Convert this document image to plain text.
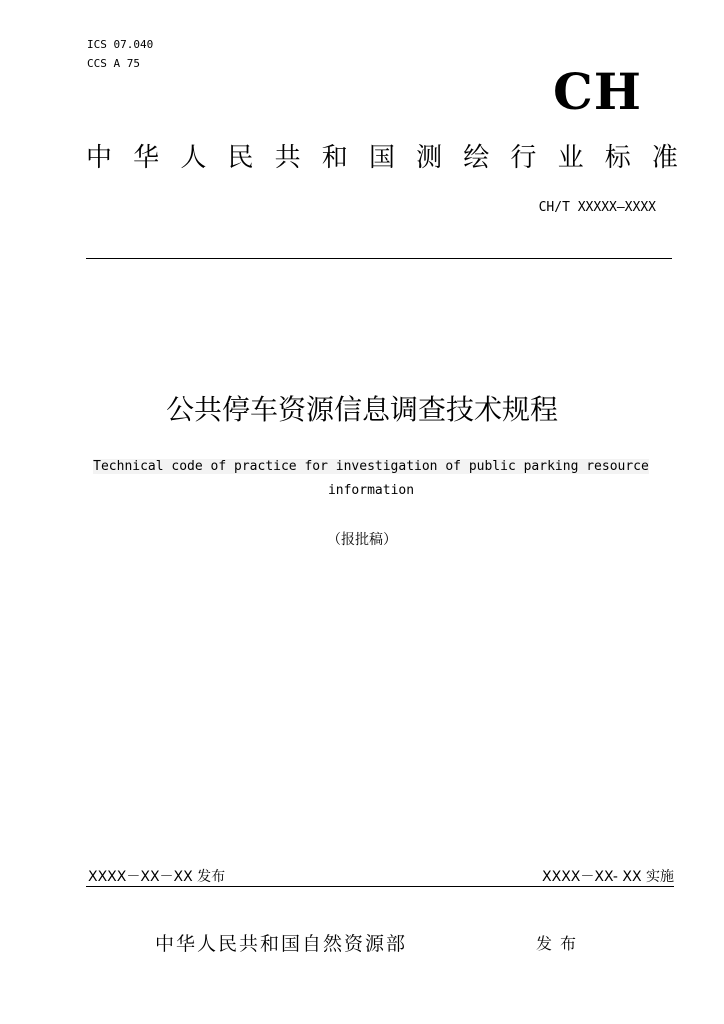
ICS 07.040
CCS A 75	CH
中 华 人 民 共 和 国 测 绘 行 业 标 准
CH/T XXXXX—XXXX
公共停车资源信息调查技术规程
Technical code of practice for investigation of public parking resource
information
（报批稿）
XXXX－XX－XX 发布	XXXX－XX- XX 实施
中华人民共和国自然资源部	发布
